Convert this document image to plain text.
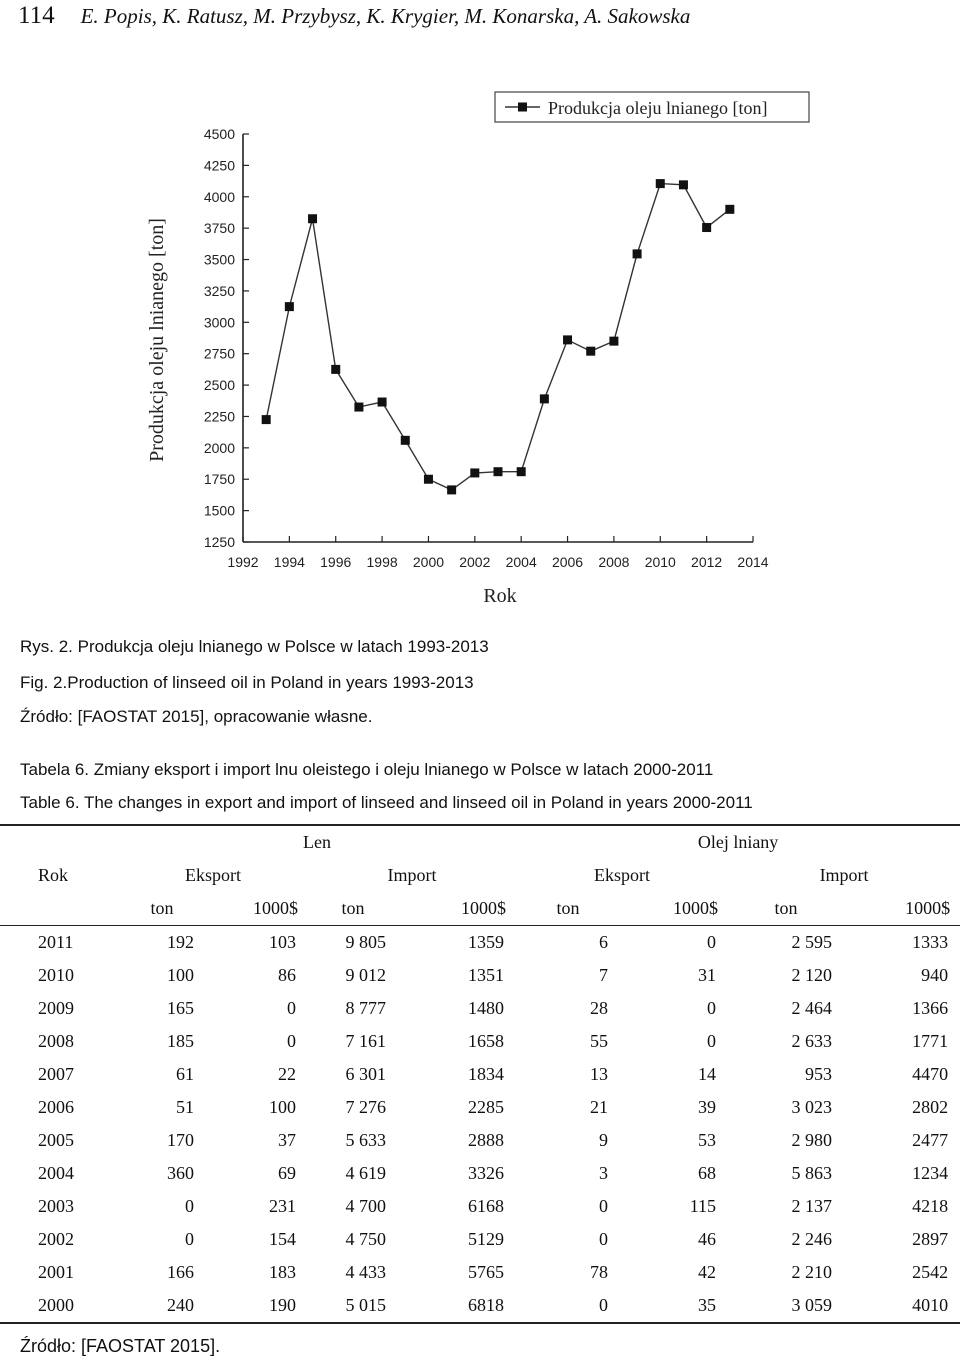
114 E. Popis, K. Ratusz, M. Przybysz, K. Krygier, M. Konarska, A. Sakowska
1250
1500
1750
2000
2250
2500
2750
3000
3250
3500
3750
4000
4250
4500
1992 1994 1996 1998 2000 2002 2004 2006 2008 2010 2012 2014
Rok
Produkcja oleju lnianego [ton]
Produkcja oleju lnianego [ton]
Rys. 2. Produkcja oleju lnianego w Polsce w latach 1993-2013
Fig. 2.Production of linseed oil in Poland in years 1993-2013
Źródło: [FAOSTAT 2015], opracowanie własne.
Tabela 6. Zmiany eksport i import lnu oleistego i oleju lnianego w Polsce w latach 2000-2011
Table 6. The changes in export and import of linseed and linseed oil in Poland in years 2000-2011
	Len				Olej lniany			
Rok	Eksport		Import		Eksport		Import	
	ton	1000$	ton	1000$	ton	1000$	ton	1000$
2011	192	103	9 805	1359	6	0	2 595	1333
2010	100	86	9 012	1351	7	31	2 120	940
2009	165	0	8 777	1480	28	0	2 464	1366
2008	185	0	7 161	1658	55	0	2 633	1771
2007	61	22	6 301	1834	13	14	953	4470
2006	51	100	7 276	2285	21	39	3 023	2802
2005	170	37	5 633	2888	9	53	2 980	2477
2004	360	69	4 619	3326	3	68	5 863	1234
2003	0	231	4 700	6168	0	115	2 137	4218
2002	0	154	4 750	5129	0	46	2 246	2897
2001	166	183	4 433	5765	78	42	2 210	2542
2000	240	190	5 015	6818	0	35	3 059	4010
Źródło: [FAOSTAT 2015].
